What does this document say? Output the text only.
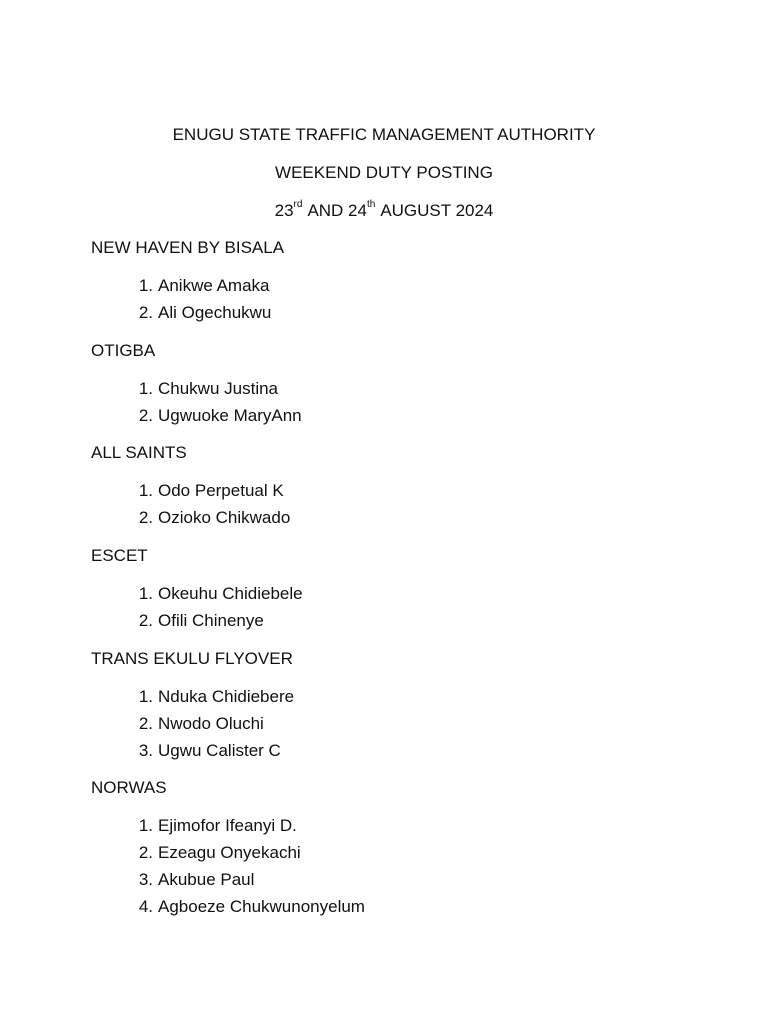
ENUGU STATE TRAFFIC MANAGEMENT AUTHORITY
WEEKEND DUTY POSTING
23rd AND 24th AUGUST 2024
NEW HAVEN BY BISALA
1. Anikwe Amaka
2. Ali Ogechukwu
OTIGBA
1. Chukwu Justina
2. Ugwuoke MaryAnn
ALL SAINTS
1. Odo Perpetual K
2. Ozioko Chikwado
ESCET
1. Okeuhu Chidiebele
2. Ofili Chinenye
TRANS EKULU FLYOVER
1. Nduka Chidiebere
2. Nwodo Oluchi
3. Ugwu Calister C
NORWAS
1. Ejimofor Ifeanyi D.
2. Ezeagu Onyekachi
3. Akubue Paul
4. Agboeze Chukwunonyelum
